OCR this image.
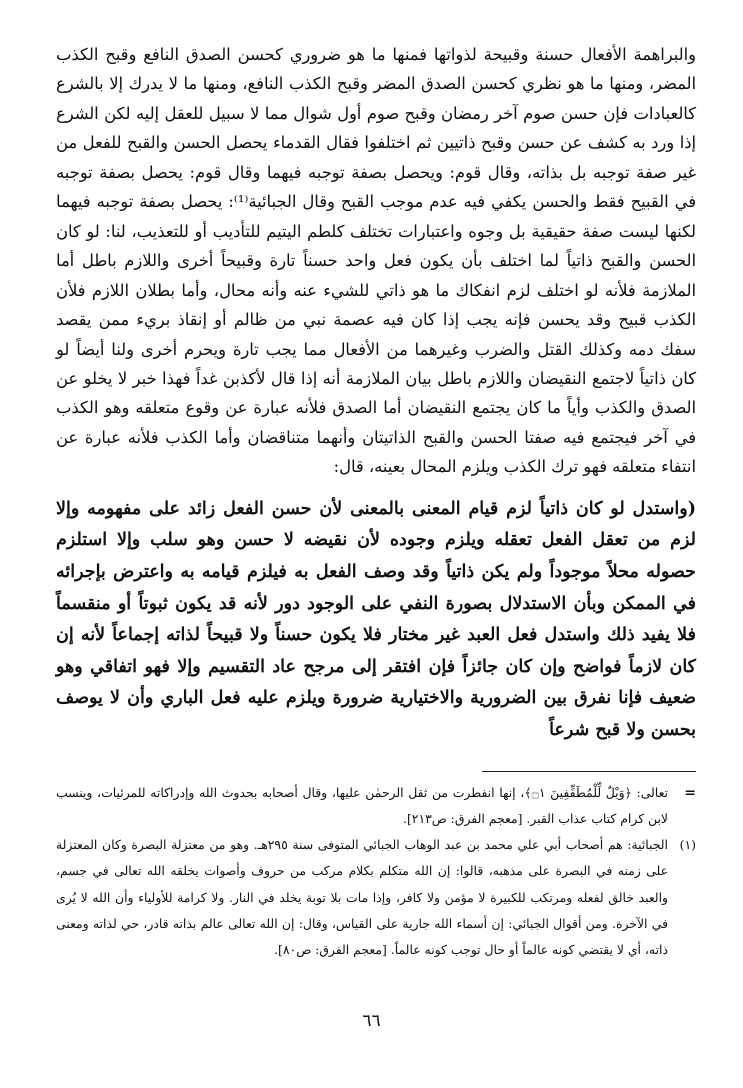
والبراهمة الأفعال حسنة وقبيحة لذواتها فمنها ما هو ضروري كحسن الصدق النافع وقبح الكذب المضر، ومنها ما هو نظري كحسن الصدق المضر وقبح الكذب النافع، ومنها ما لا يدرك إلا بالشرع كالعبادات فإن حسن صوم آخر رمضان وقبح صوم أول شوال مما لا سبيل للعقل إليه لكن الشرع إذا ورد به كشف عن حسن وقبح ذاتيين ثم اختلفوا فقال القدماء يحصل الحسن والقبح للفعل من غير صفة توجبه بل بذاته، وقال قوم: ويحصل بصفة توجبه فيهما وقال قوم: يحصل بصفة توجبه في القبيح فقط والحسن يكفي فيه عدم موجب القبح وقال الجبائية⁽¹⁾: يحصل بصفة توجبه فيهما لكنها ليست صفة حقيقية بل وجوه واعتبارات تختلف كلطم اليتيم للتأديب أو للتعذيب، لنا: لو كان الحسن والقبح ذاتياً لما اختلف بأن يكون فعل واحد حسناً تارة وقبيحاً أخرى واللازم باطل أما الملازمة فلأنه لو اختلف لزم انفكاك ما هو ذاتي للشيء عنه وأنه محال، وأما بطلان اللازم فلأن الكذب قبيح وقد يحسن فإنه يجب إذا كان فيه عصمة نبي من ظالم أو إنقاذ بريء ممن يقصد سفك دمه وكذلك القتل والضرب وغيرهما من الأفعال مما يجب تارة ويحرم أخرى ولنا أيضاً لو كان ذاتياً لاجتمع النقيضان واللازم باطل بيان الملازمة أنه إذا قال لأكذبن غداً فهذا خبر لا يخلو عن الصدق والكذب وأياً ما كان يجتمع النقيضان أما الصدق فلأنه عبارة عن وقوع متعلقه وهو الكذب في آخر فيجتمع فيه صفتا الحسن والقبح الذاتيتان وأنهما متناقضان وأما الكذب فلأنه عبارة عن انتفاء متعلقه فهو ترك الكذب ويلزم المحال بعينه، قال:

(واستدل لو كان ذاتياً لزم قيام المعنى بالمعنى لأن حسن الفعل زائد على مفهومه وإلا لزم من تعقل الفعل تعقله ويلزم وجوده لأن نقيضه لا حسن وهو سلب وإلا استلزم حصوله محلاً موجوداً ولم يكن ذاتياً وقد وصف الفعل به فيلزم قيامه به واعترض بإجرائه في الممكن وبأن الاستدلال بصورة النفي على الوجود دور لأنه قد يكون ثبوتاً أو منقسماً فلا يفيد ذلك واستدل فعل العبد غير مختار فلا يكون حسناً ولا قبيحاً لذاته إجماعاً لأنه إن كان لازماً فواضح وإن كان جائزاً فإن افتقر إلى مرجح عاد التقسيم وإلا فهو اتفاقي وهو ضعيف فإنا نفرق بين الضرورية والاختيارية ضرورة ويلزم عليه فعل الباري وأن لا يوصف بحسن ولا قبح شرعاً

=
تعالى: ﴿وَيْلٌ لِّلْمُطَفِّفِينَ ۝١﴾، إنها انفطرت من ثقل الرحمٰن عليها، وقال أصحابه بحدوث الله وإدراكاته للمرئيات، وينسب لابن كرام كتاب عذاب القبر. [معجم الفرق: ص٢١٣].
(١)
الجبائية: هم أصحاب أبي علي محمد بن عبد الوهاب الجبائي المتوفى سنة ٢٩٥هـ. وهو من معتزلة البصرة وكان المعتزلة على زمنه في البصرة على مذهبه، قالوا: إن الله متكلم بكلام مركب من حروف وأصوات يخلقه الله تعالى في جسم، والعبد خالق لفعله ومرتكب للكبيرة لا مؤمن ولا كافر، وإذا مات بلا توبة يخلد في النار. ولا كرامة للأولياء وأن الله لا يُرى في الآخرة. ومن أقوال الجبائي: إن أسماء الله جارية على القياس، وقال: إن الله تعالى عالم بذاته قادر، حي لذاته ومعنى ذاته، أي لا يقتضي كونه عالماً أو حال توجب كونه عالماً. [معجم الفرق: ص٨٠].
٦٦
